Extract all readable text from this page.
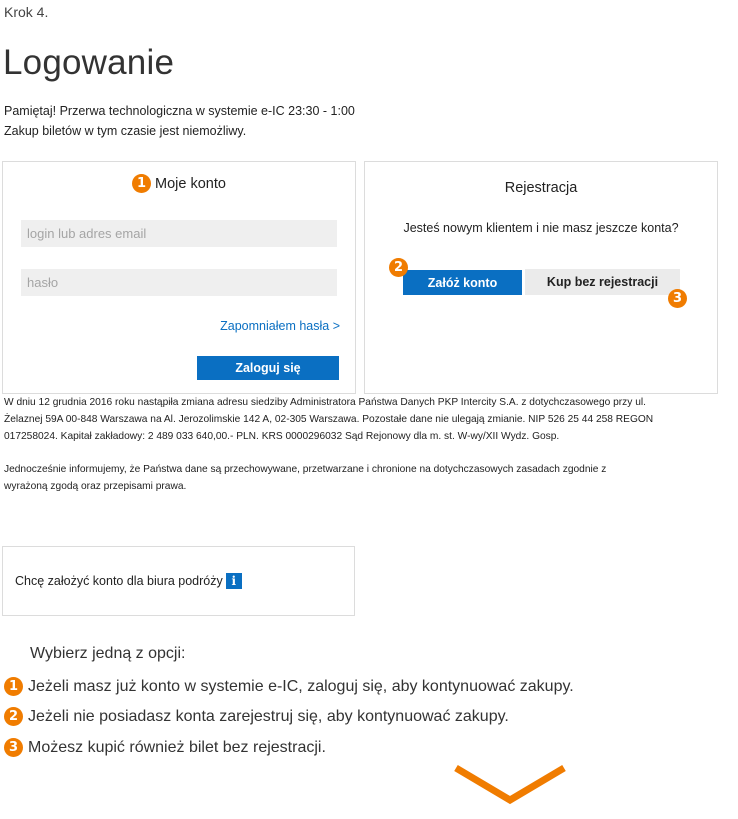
Krok 4.
Logowanie
Pamiętaj! Przerwa technologiczna w systemie e-IC 23:30 - 1:00
Zakup biletów w tym czasie jest niemożliwy.
1 Moje konto
login lub adres email
Zapomniałem hasła >
Zaloguj się
Rejestracja
Jesteś nowym klientem i nie masz jeszcze konta?
Załóż konto
2
Kup bez rejestracji
3
W dniu 12 grudnia 2016 roku nastąpiła zmiana adresu siedziby Administratora Państwa Danych PKP Intercity S.A. z dotychczasowego przy ul.
Żelaznej 59A 00-848 Warszawa na Al. Jerozolimskie 142 A, 02-305 Warszawa. Pozostałe dane nie ulegają zmianie. NIP 526 25 44 258 REGON
017258024. Kapitał zakładowy: 2 489 033 640,00.- PLN. KRS 0000296032 Sąd Rejonowy dla m. st. W-wy/XII Wydz. Gosp.
Jednocześnie informujemy, że Państwa dane są przechowywane, przetwarzane i chronione na dotychczasowych zasadach zgodnie z
wyrażoną zgodą oraz przepisami prawa.
Chcę założyć konto dla biura podróży i
Wybierz jedną z opcji:
1 Jeżeli masz już konto w systemie e-IC, zaloguj się, aby kontynuować zakupy.
2 Jeżeli nie posiadasz konta zarejestruj się, aby kontynuować zakupy.
3 Możesz kupić również bilet bez rejestracji.
